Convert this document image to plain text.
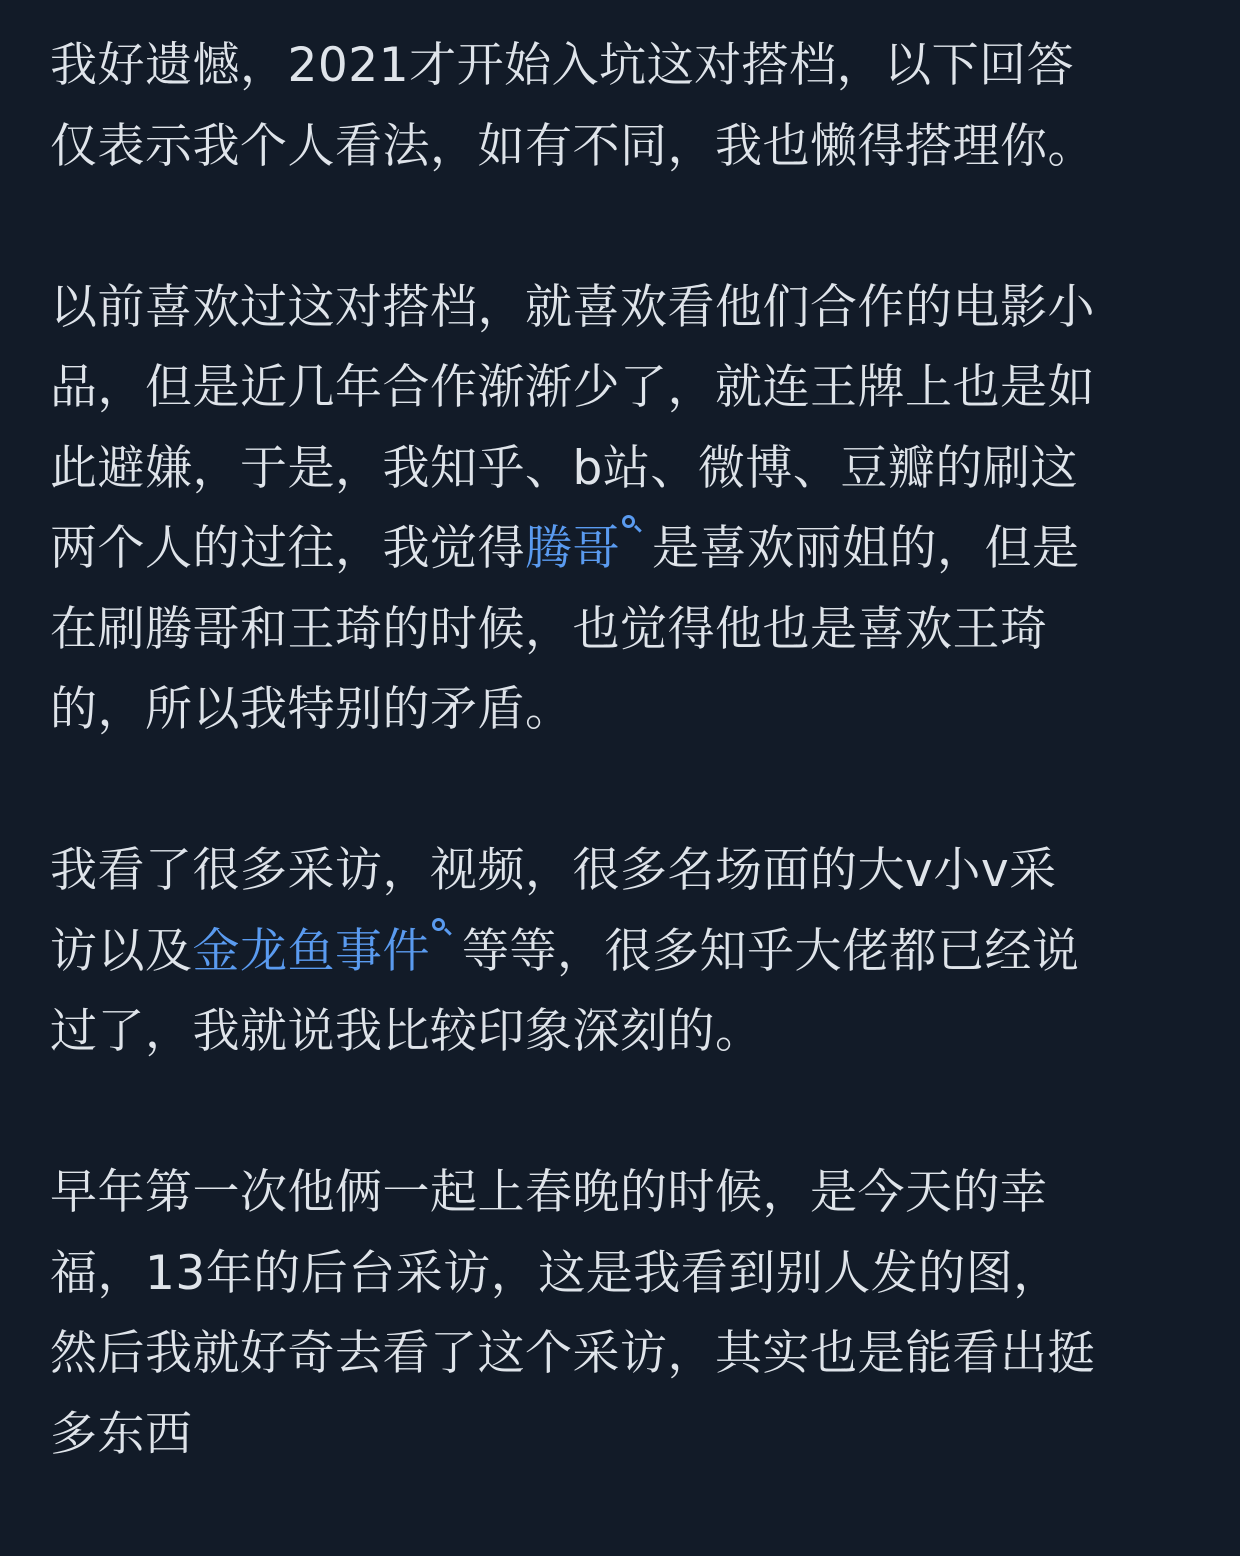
我好遗憾，2021才开始入坑这对搭档，以下回答
仅表示我个人看法，如有不同，我也懒得搭理你。
以前喜欢过这对搭档，就喜欢看他们合作的电影小
品，但是近几年合作渐渐少了，就连王牌上也是如
此避嫌，于是，我知乎、b站、微博、豆瓣的刷这
两个人的过往，我觉得腾哥 是喜欢丽姐的，但是
在刷腾哥和王琦的时候，也觉得他也是喜欢王琦
的，所以我特别的矛盾。
我看了很多采访，视频，很多名场面的大v小v采
访以及金龙鱼事件 等等，很多知乎大佬都已经说
过了，我就说我比较印象深刻的。
早年第一次他俩一起上春晚的时候，是今天的幸
福，13年的后台采访，这是我看到别人发的图，
然后我就好奇去看了这个采访，其实也是能看出挺
多东西
